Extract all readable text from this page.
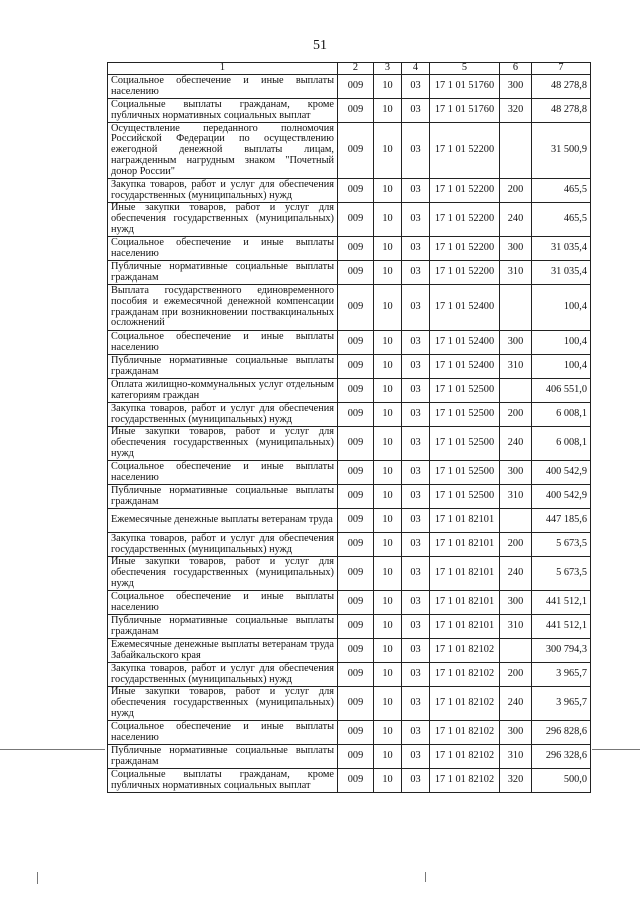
51
1	2	3	4	5	6	7
Социальное обеспечение и иные выплаты населению	009	10	03	17 1 01 51760	300	48 278,8
Социальные выплаты гражданам, кроме публичных нормативных социальных выплат	009	10	03	17 1 01 51760	320	48 278,8
Осуществление переданного полномочия Российской Федерации по осуществлению ежегодной денежной выплаты лицам, награжденным нагрудным знаком "Почетный донор России"	009	10	03	17 1 01 52200		31 500,9
Закупка товаров, работ и услуг для обеспечения государственных (муниципальных) нужд	009	10	03	17 1 01 52200	200	465,5
Иные закупки товаров, работ и услуг для обеспечения государственных (муниципальных) нужд	009	10	03	17 1 01 52200	240	465,5
Социальное обеспечение и иные выплаты населению	009	10	03	17 1 01 52200	300	31 035,4
Публичные нормативные социальные выплаты гражданам	009	10	03	17 1 01 52200	310	31 035,4
Выплата государственного единовременного пособия и ежемесячной денежной компенсации гражданам при возникновении поствакцинальных осложнений	009	10	03	17 1 01 52400		100,4
Социальное обеспечение и иные выплаты населению	009	10	03	17 1 01 52400	300	100,4
Публичные нормативные социальные выплаты гражданам	009	10	03	17 1 01 52400	310	100,4
Оплата жилищно-коммунальных услуг отдельным категориям граждан	009	10	03	17 1 01 52500		406 551,0
Закупка товаров, работ и услуг для обеспечения государственных (муниципальных) нужд	009	10	03	17 1 01 52500	200	6 008,1
Иные закупки товаров, работ и услуг для обеспечения государственных (муниципальных) нужд	009	10	03	17 1 01 52500	240	6 008,1
Социальное обеспечение и иные выплаты населению	009	10	03	17 1 01 52500	300	400 542,9
Публичные нормативные социальные выплаты гражданам	009	10	03	17 1 01 52500	310	400 542,9
Ежемесячные денежные выплаты ветеранам труда	009	10	03	17 1 01 82101		447 185,6
Закупка товаров, работ и услуг для обеспечения государственных (муниципальных) нужд	009	10	03	17 1 01 82101	200	5 673,5
Иные закупки товаров, работ и услуг для обеспечения государственных (муниципальных) нужд	009	10	03	17 1 01 82101	240	5 673,5
Социальное обеспечение и иные выплаты населению	009	10	03	17 1 01 82101	300	441 512,1
Публичные нормативные социальные выплаты гражданам	009	10	03	17 1 01 82101	310	441 512,1
Ежемесячные денежные выплаты ветеранам труда Забайкальского края	009	10	03	17 1 01 82102		300 794,3
Закупка товаров, работ и услуг для обеспечения государственных (муниципальных) нужд	009	10	03	17 1 01 82102	200	3 965,7
Иные закупки товаров, работ и услуг для обеспечения государственных (муниципальных) нужд	009	10	03	17 1 01 82102	240	3 965,7
Социальное обеспечение и иные выплаты населению	009	10	03	17 1 01 82102	300	296 828,6
Публичные нормативные социальные выплаты гражданам	009	10	03	17 1 01 82102	310	296 328,6
Социальные выплаты гражданам, кроме публичных нормативных социальных выплат	009	10	03	17 1 01 82102	320	500,0
